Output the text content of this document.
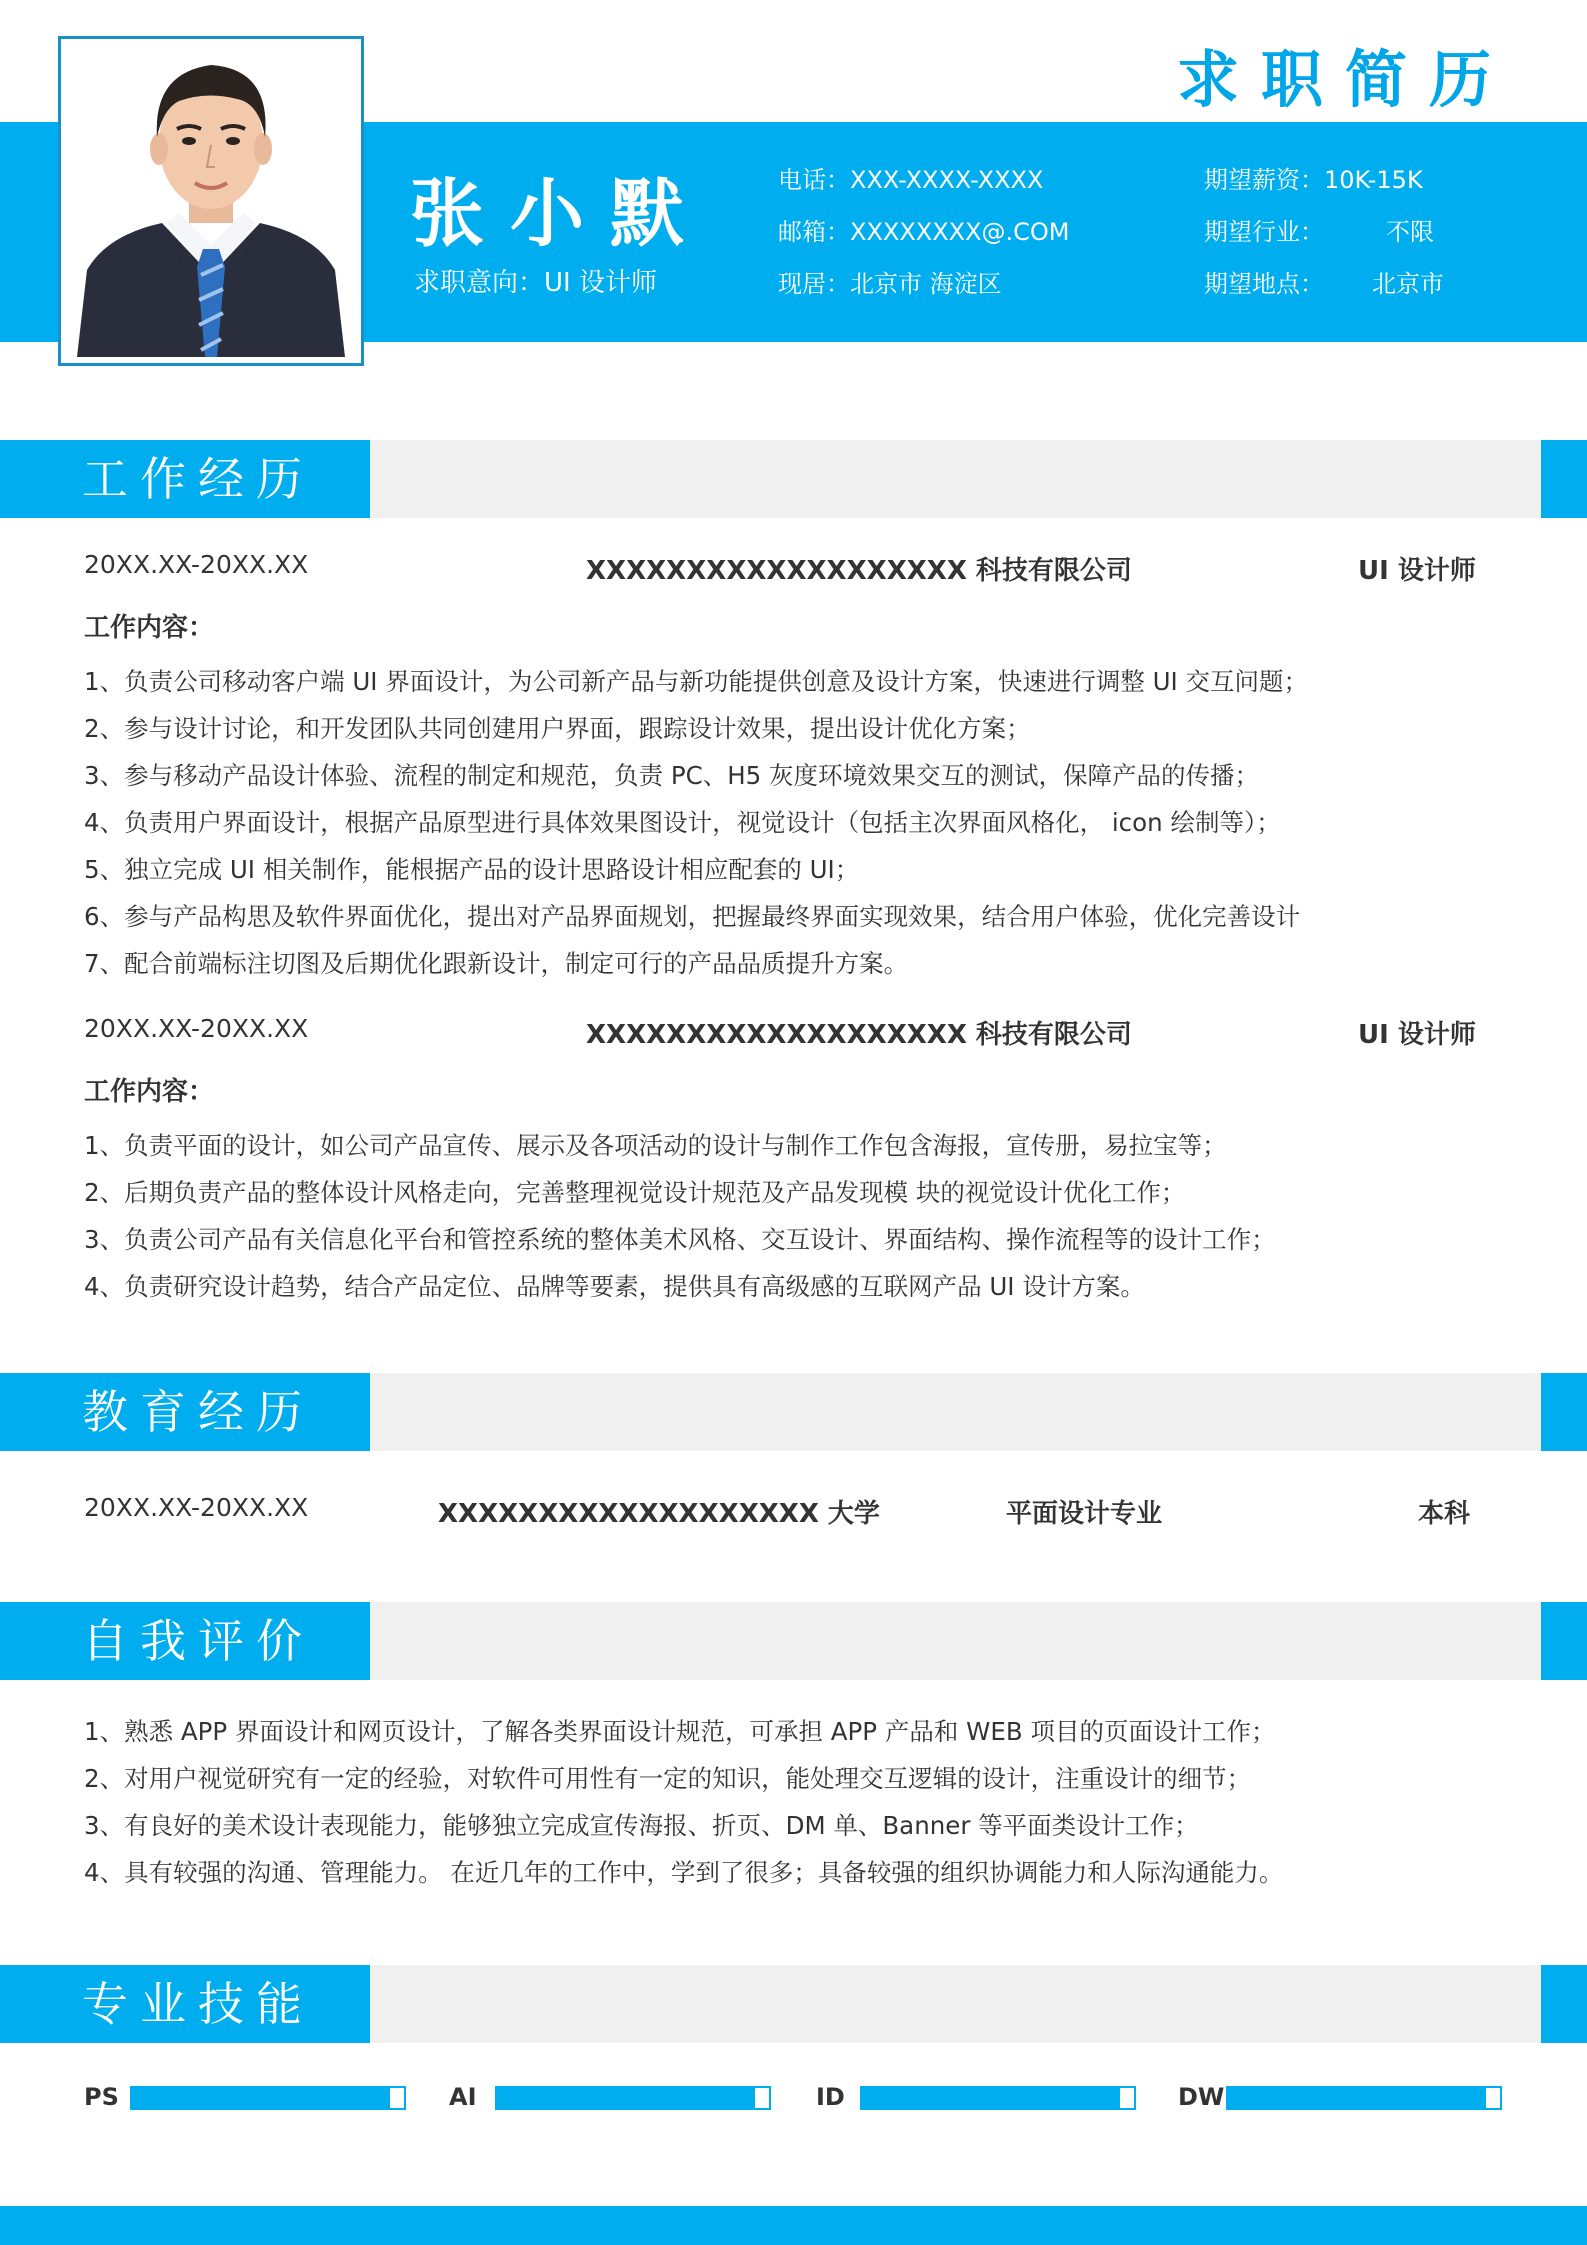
求职简历
张小默
求职意向：UI 设计师
电话：XXX-XXXX-XXXX
邮箱：XXXXXXXX@.COM
现居：北京市 海淀区
期望薪资：10K-15K
期望行业：	不限
期望地点： 北京市
工作经历
20XX.XX-20XX.XX	XXXXXXXXXXXXXXXXXXX 科技有限公司	UI 设计师
工作内容：
1、负责公司移动客户端 UI 界面设计，为公司新产品与新功能提供创意及设计方案，快速进行调整 UI 交互问题；
2、参与设计讨论，和开发团队共同创建用户界面，跟踪设计效果，提出设计优化方案；
3、参与移动产品设计体验、流程的制定和规范，负责 PC、H5 灰度环境效果交互的测试，保障产品的传播；
4、负责用户界面设计，根据产品原型进行具体效果图设计，视觉设计（包括主次界面风格化， icon 绘制等）；
5、独立完成 UI 相关制作，能根据产品的设计思路设计相应配套的 UI；
6、参与产品构思及软件界面优化，提出对产品界面规划，把握最终界面实现效果，结合用户体验，优化完善设计
7、配合前端标注切图及后期优化跟新设计，制定可行的产品品质提升方案。
20XX.XX-20XX.XX	XXXXXXXXXXXXXXXXXXX 科技有限公司	UI 设计师
工作内容：
1、负责平面的设计，如公司产品宣传、展示及各项活动的设计与制作工作包含海报，宣传册，易拉宝等；
2、后期负责产品的整体设计风格走向，完善整理视觉设计规范及产品发现模 块的视觉设计优化工作；
3、负责公司产品有关信息化平台和管控系统的整体美术风格、交互设计、界面结构、操作流程等的设计工作；
4、负责研究设计趋势，结合产品定位、品牌等要素，提供具有高级感的互联网产品 UI 设计方案。
教育经历
20XX.XX-20XX.XX	XXXXXXXXXXXXXXXXXXX 大学	平面设计专业	本科
自我评价
1、熟悉 APP 界面设计和网页设计，了解各类界面设计规范，可承担 APP 产品和 WEB 项目的页面设计工作；
2、对用户视觉研究有一定的经验，对软件可用性有一定的知识，能处理交互逻辑的设计，注重设计的细节；
3、有良好的美术设计表现能力，能够独立完成宣传海报、折页、DM 单、Banner 等平面类设计工作；
4、具有较强的沟通、管理能力。 在近几年的工作中，学到了很多；具备较强的组织协调能力和人际沟通能力。
专业技能
PS	AI	ID	DW
